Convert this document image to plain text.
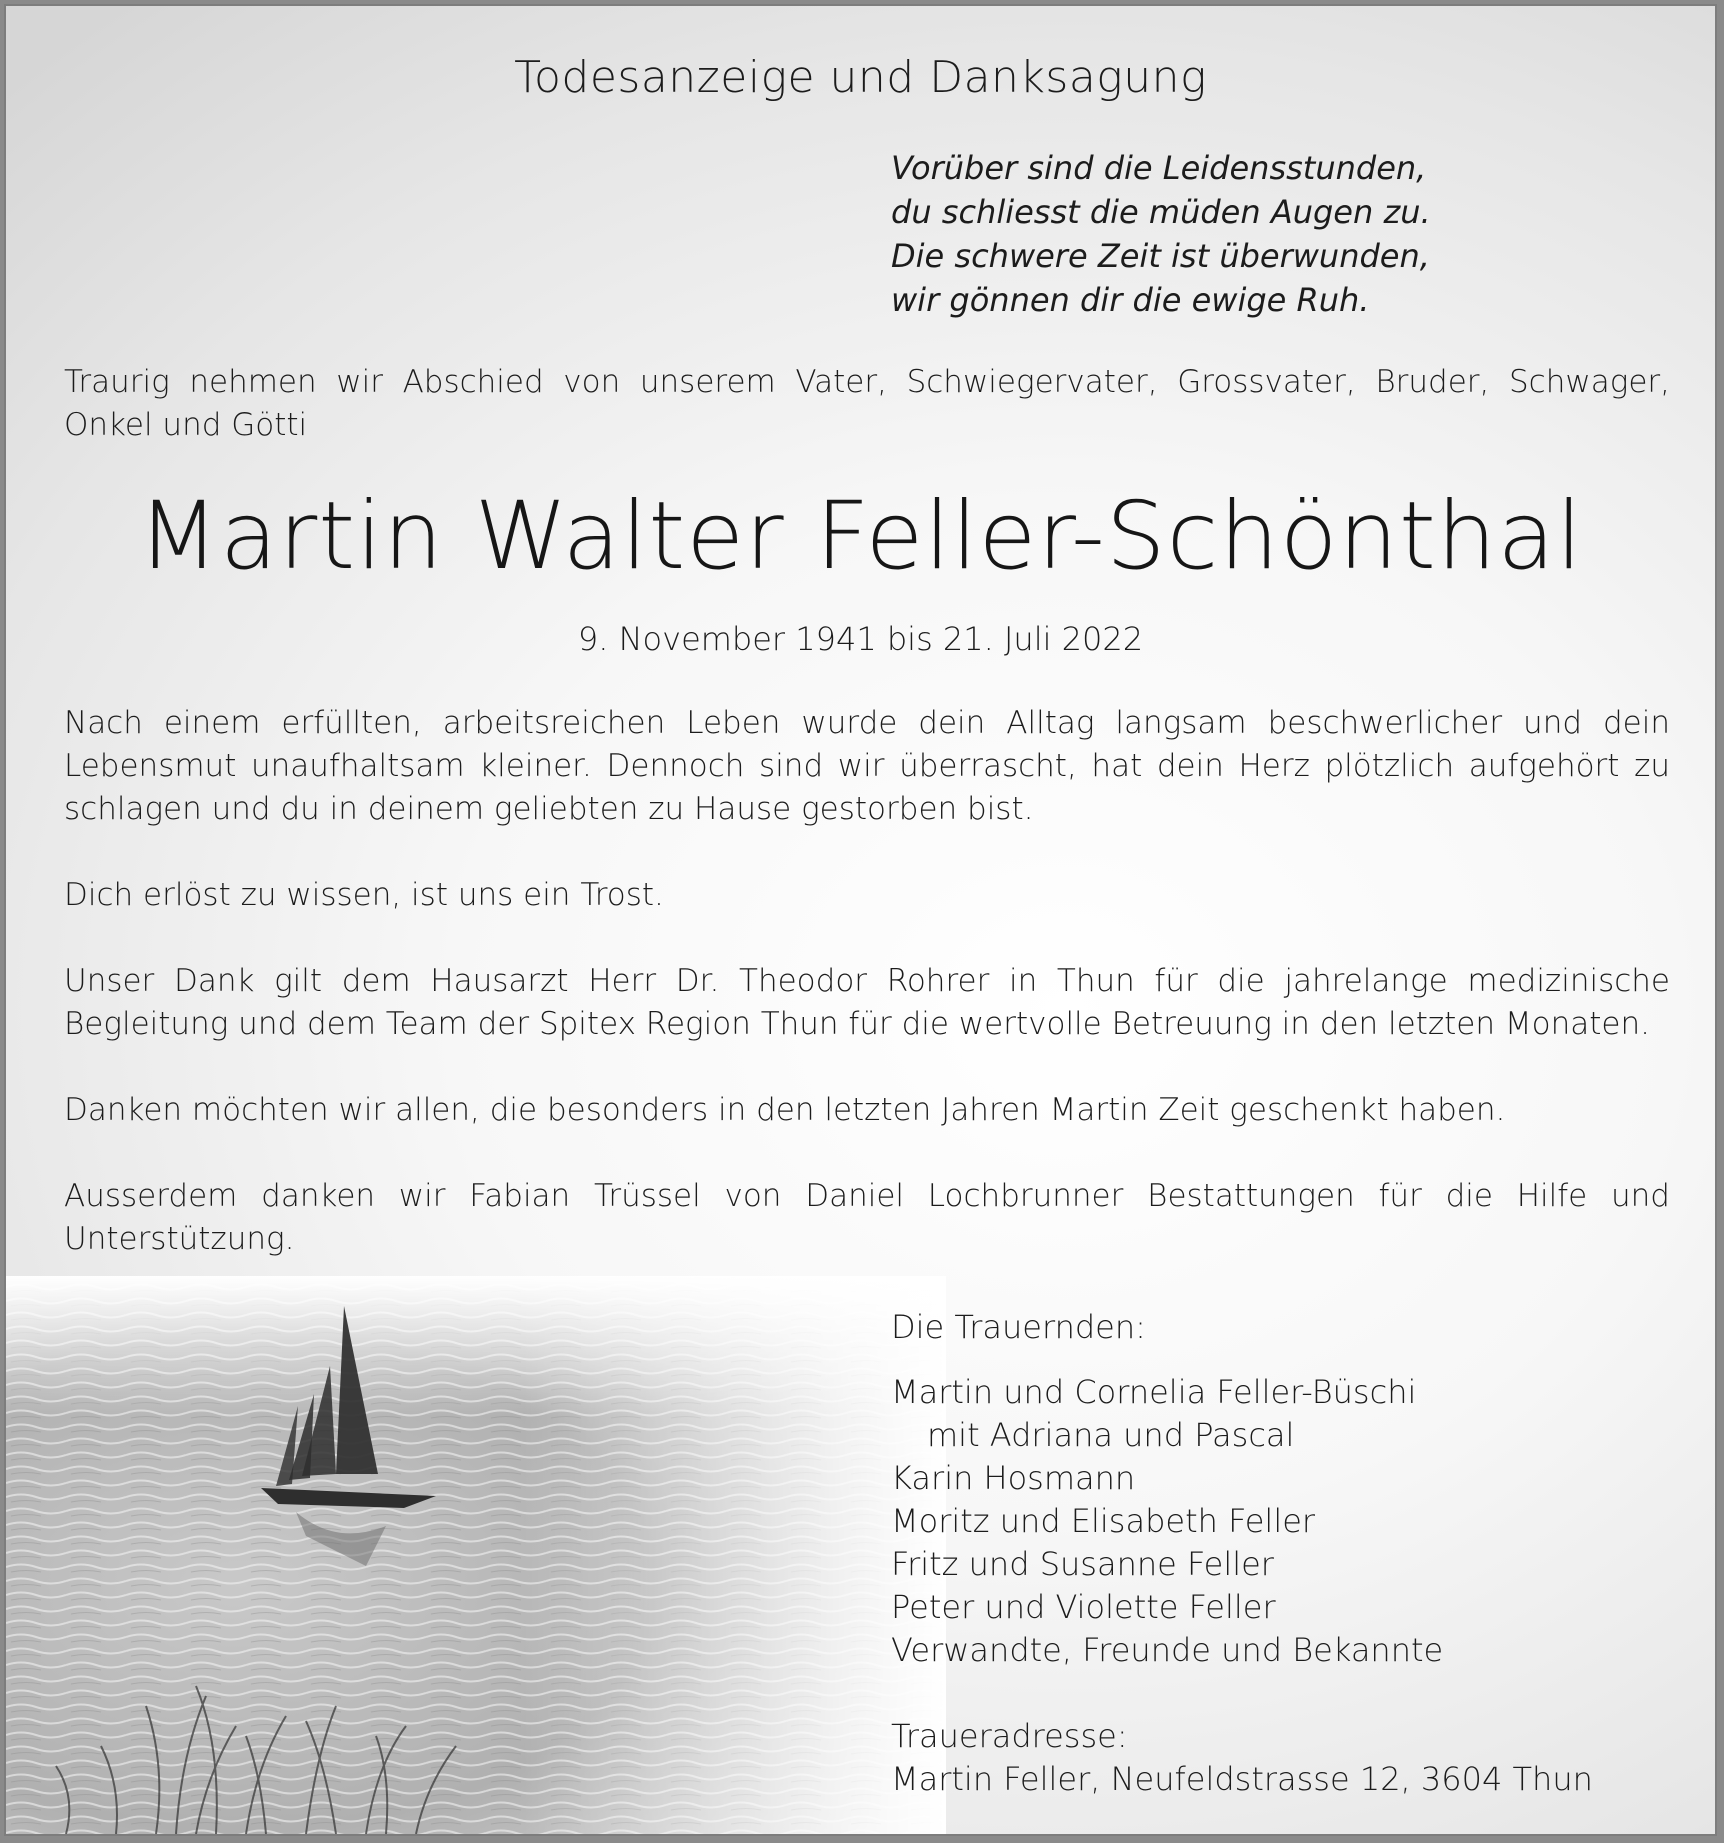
Todesanzeige und Danksagung
Vorüber sind die Leidensstunden,
du schliesst die müden Augen zu.
Die schwere Zeit ist überwunden,
wir gönnen dir die ewige Ruh.
Traurig nehmen wir Abschied von unserem Vater, Schwiegervater, Grossvater, Bruder, Schwager, Onkel und Götti
Martin Walter Feller-Schönthal
9. November 1941 bis 21. Juli 2022
Nach einem erfüllten, arbeitsreichen Leben wurde dein Alltag langsam beschwerlicher und dein Lebensmut unaufhaltsam kleiner. Dennoch sind wir überrascht, hat dein Herz plötzlich aufgehört zu schlagen und du in deinem geliebten zu Hause gestorben bist.
Dich erlöst zu wissen, ist uns ein Trost.
Unser Dank gilt dem Hausarzt Herr Dr. Theodor Rohrer in Thun für die jahrelange medizinische Begleitung und dem Team der Spitex Region Thun für die wertvolle Betreuung in den letzten Monaten.
Danken möchten wir allen, die besonders in den letzten Jahren Martin Zeit geschenkt haben.
Ausserdem danken wir Fabian Trüssel von Daniel Lochbrunner Bestattungen für die Hilfe und Unterstützung.
Die Trauernden:
Martin und Cornelia Feller-Büschi
mit Adriana und Pascal
Karin Hosmann
Moritz und Elisabeth Feller
Fritz und Susanne Feller
Peter und Violette Feller
Verwandte, Freunde und Bekannte
Traueradresse:
Martin Feller, Neufeldstrasse 12, 3604 Thun
